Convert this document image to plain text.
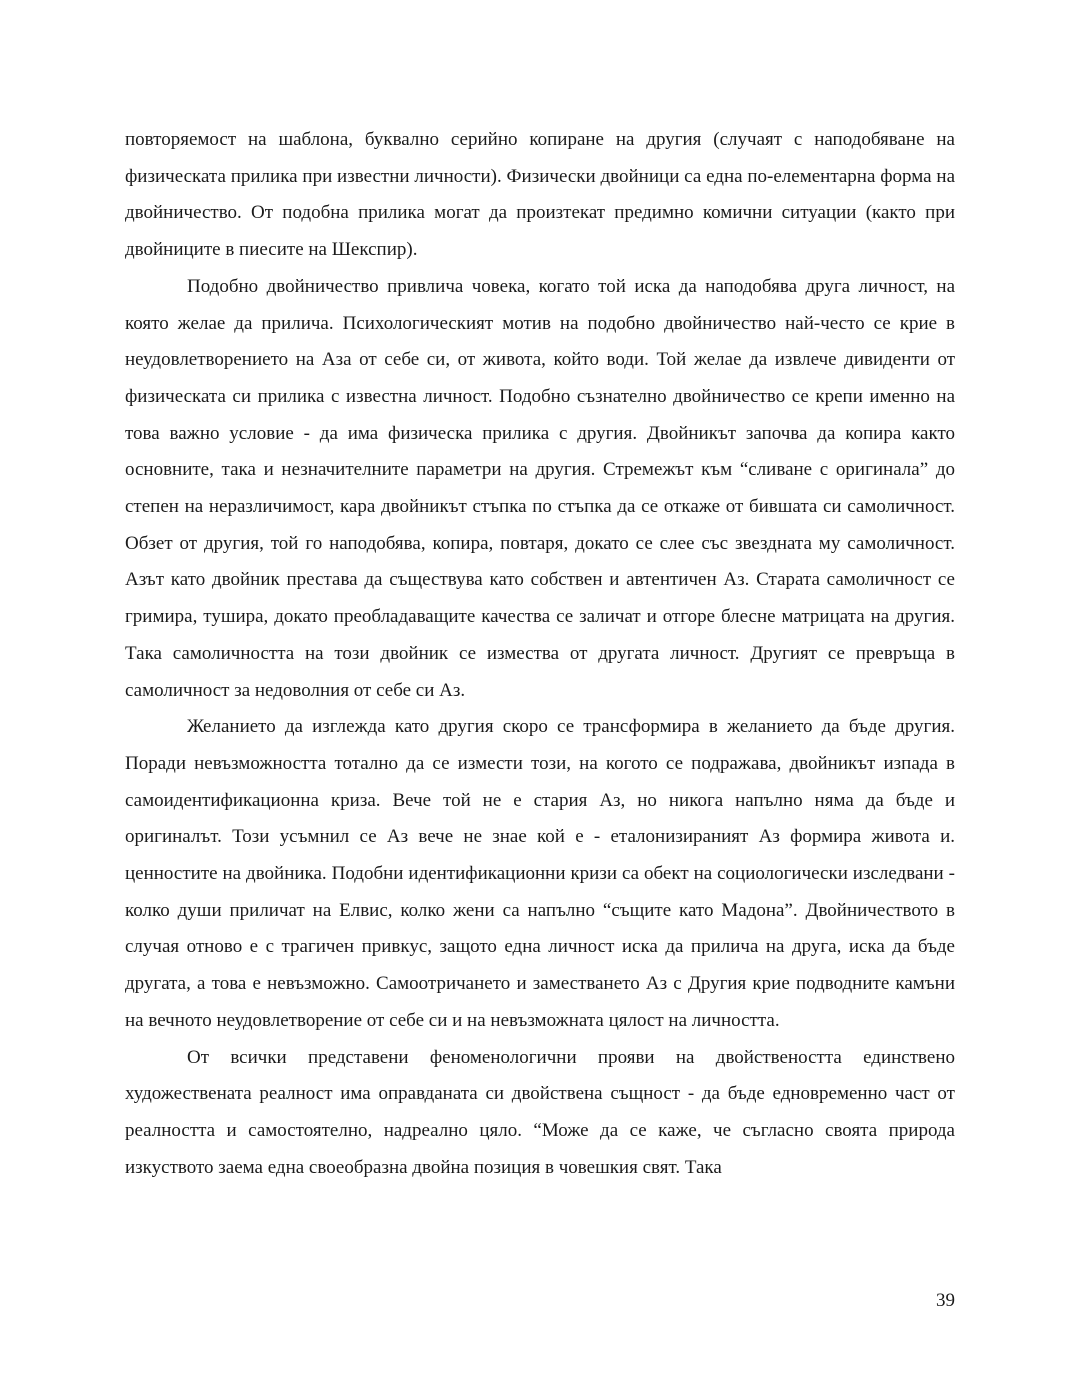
повторяемост на шаблона, буквално серийно копиране на другия (случаят с наподобяване на физическата прилика при известни личности). Физически двойници са една по-елементарна форма на двойничество. От подобна прилика могат да произтекат предимно комични ситуации (както при двойниците в пиесите на Шекспир).

Подобно двойничество привлича човека, когато той иска да наподобява друга личност, на която желае да прилича. Психологическият мотив на подобно двойничество най-често се крие в неудовлетворението на Аза от себе си, от живота, който води. Той желае да извлече дивиденти от физическата си прилика с известна личност. Подобно съзнателно двойничество се крепи именно на това важно условие - да има физическа прилика с другия. Двойникът започва да копира както основните, така и незначителните параметри на другия. Стремежът към “сливане с оригинала” до степен на неразличимост, кара двойникът стъпка по стъпка да се откаже от бившата си самоличност. Обзет от другия, той го наподобява, копира, повтаря, докато се слее със звездната му самоличност. Азът като двойник престава да съществува като собствен и автентичен Аз. Старата самоличност се гримира, тушира, докато преобладаващите качества се заличат и отгоре блесне матрицата на другия. Така самоличността на този двойник се измества от другата личност. Другият се превръща в самоличност за недоволния от себе си Аз.

Желанието да изглежда като другия скоро се трансформира в желанието да бъде другия. Поради невъзможността тотално да се измести този, на когото се подражава, двойникът изпада в самоидентификационна криза. Вече той не е стария Аз, но никога напълно няма да бъде и оригиналът. Този усъмнил се Аз вече не знае кой е - еталонизираният Аз формира живота и. ценностите на двойника. Подобни идентификационни кризи са обект на социологически изследвани - колко души приличат на Елвис, колко жени са напълно “същите като Мадона”. Двойничеството в случая отново е с трагичен привкус, защото една личност иска да прилича на друга, иска да бъде другата, а това е невъзможно. Самоотричането и заместването Аз с Другия крие подводните камъни на вечното неудовлетворение от себе си и на невъзможната цялост на личността.

От всички представени феноменологични прояви на двойствеността единствено художествената реалност има оправданата си двойствена същност - да бъде едновременно част от реалността и самостоятелно, надреално цяло. “Може да се каже, че съгласно своята природа изкуството заема една своеобразна двойна позиция в човешкия свят. Така

39
